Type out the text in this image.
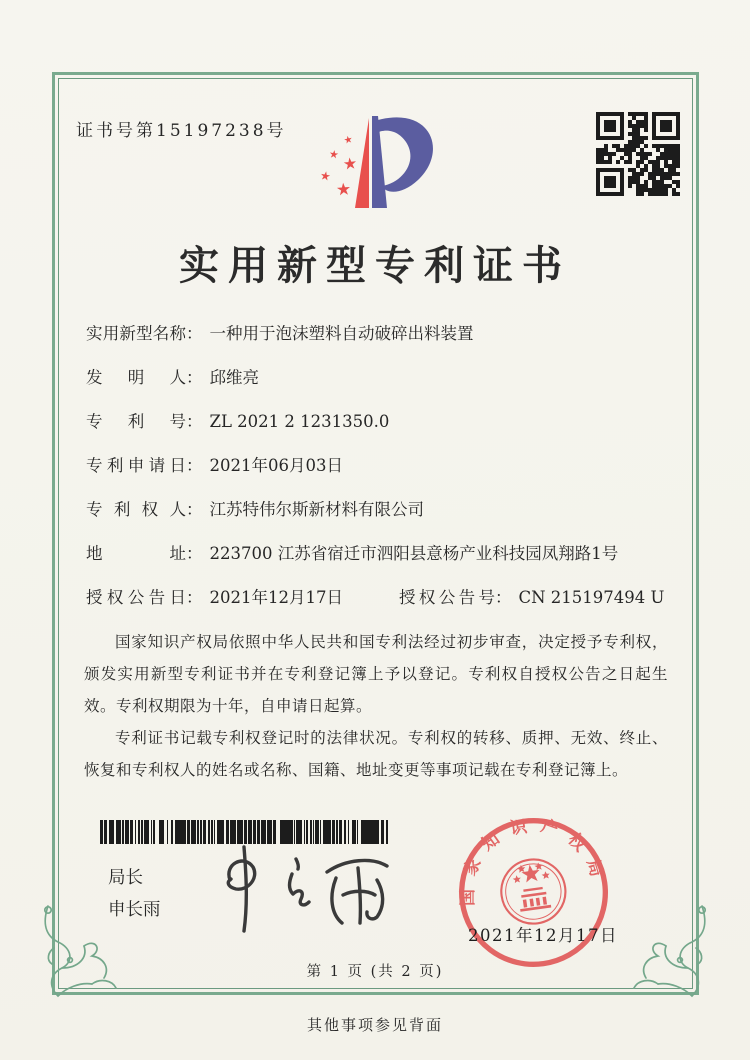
证书号第15197238号	★
★ ★
★
★
实用新型专利证书
实用新型名称 ： 一种用于泡沫塑料自动破碎出料装置
发明人 ： 邱维亮
专利号 ： ZL 2021 2 1231350.0
专利申请日 ： 2021年06月03日
专利权人 ： 江苏特伟尔斯新材料有限公司
地址 ： 223700 江苏省宿迁市泗阳县意杨产业科技园凤翔路1号
授权公告日 ： 2021年12月17日	授权公告号 ： CN 215197494 U

国家知识产权局依照中华人民共和国专利法经过初步审查，决定授予专利权，颁发实用新型专利证书并在专利登记簿上予以登记。专利权自授权公告之日起生效。专利权期限为十年，自申请日起算。

专利证书记载专利权登记时的法律状况。专利权的转移、质押、无效、终止、恢复和专利权人的姓名或名称、国籍、地址变更等事项记载在专利登记簿上。

局长
申长雨
国家知识产权局
2021年12月17日
第 1 页 (共 2 页)
其他事项参见背面
